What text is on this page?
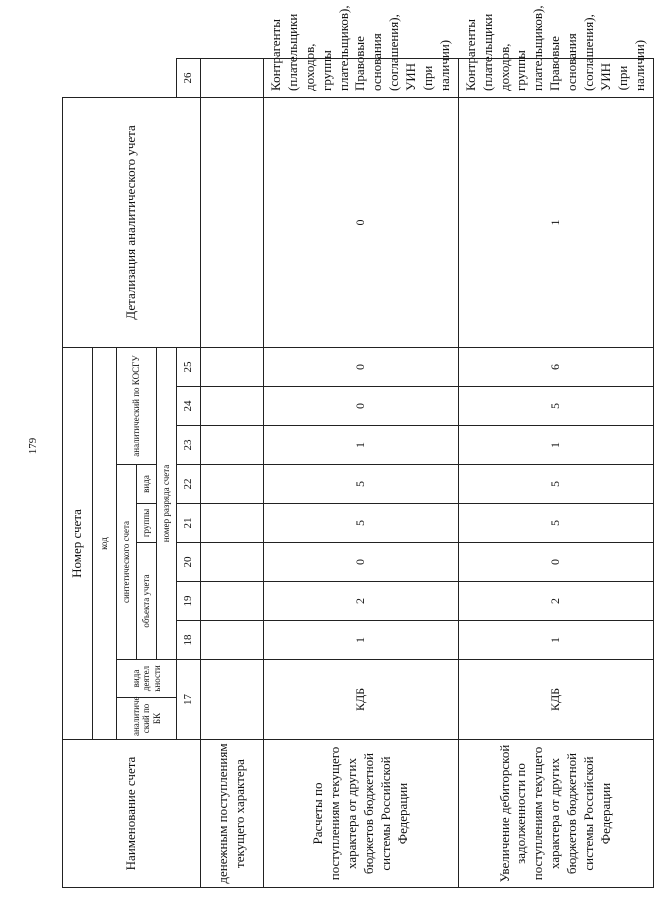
179
Наименование счета	Номер счета										Детализация аналитического учета	
	код											
	аналитиче ский по БК	вида деятел ьности	синтетического счета					аналитический по КОСГУ				
			объекта учета			группы	вида					
			номер разряда счета									
	17		18	19	20	21	22	23	24	25		26
денежным поступлениям текущего характера												
Расчеты по поступлениям текущего характера от других бюджетов бюджетной системы Российской Федерации	КДБ		1	2	0	5	5	1	0	0	0	Контрагенты (плательщики доходов, группы плательщиков), Правовые основания (соглашения), УИН (при наличии)
Увеличение дебиторской задолженности по поступлениям текущего характера от других бюджетов бюджетной системы Российской Федерации	КДБ		1	2	0	5	5	1	5	6	1	Контрагенты (плательщики доходов, группы плательщиков), Правовые основания (соглашения), УИН (при наличии)
